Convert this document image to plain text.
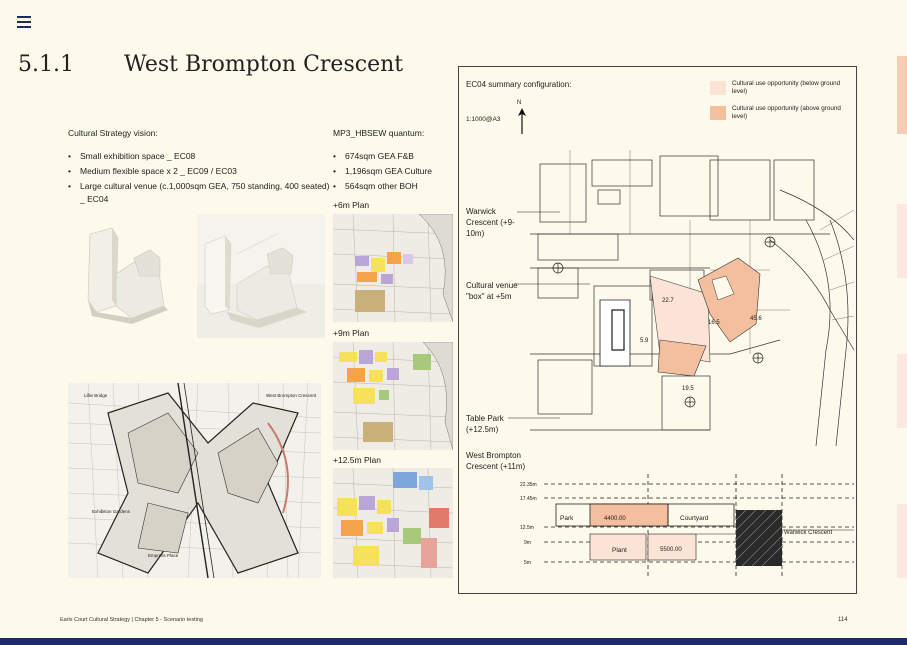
5.1.1 West Brompton Crescent
Cultural Strategy vision:
• Small exhibition space _ EC08
• Medium flexible space x 2 _ EC09 / EC03
• Large cultural venue (c.1,000sqm GEA, 750 standing, 400 seated) _ EC04
MP3_HBSEW quantum:
• 674sqm GEA F&B
• 1,196sqm GEA Culture
• 564sqm other BOH
Lillie Bridge	West Brompton Crescent
Exhibition Gardens
Empress Place
+6m Plan
+9m Plan
+12.5m Plan
EC04 summary configuration:
1:1000@A3
N
Cultural use opportunity (below ground level)
Cultural use opportunity (above ground level)
22.7
16.5
45.6
19.5
5.9
Warwick Crescent (+9-10m)
Cultural venue "box" at +5m
Table Park (+12.5m)
West Brompton Crescent (+11m)
22.35m
17.45m
12.5m
9m
5m
Park	4400.00	Courtyard
Plant	5500.00
Warwick Crescent
Earls Court Cultural Strategy | Chapter 5 - Scenario testing	114
